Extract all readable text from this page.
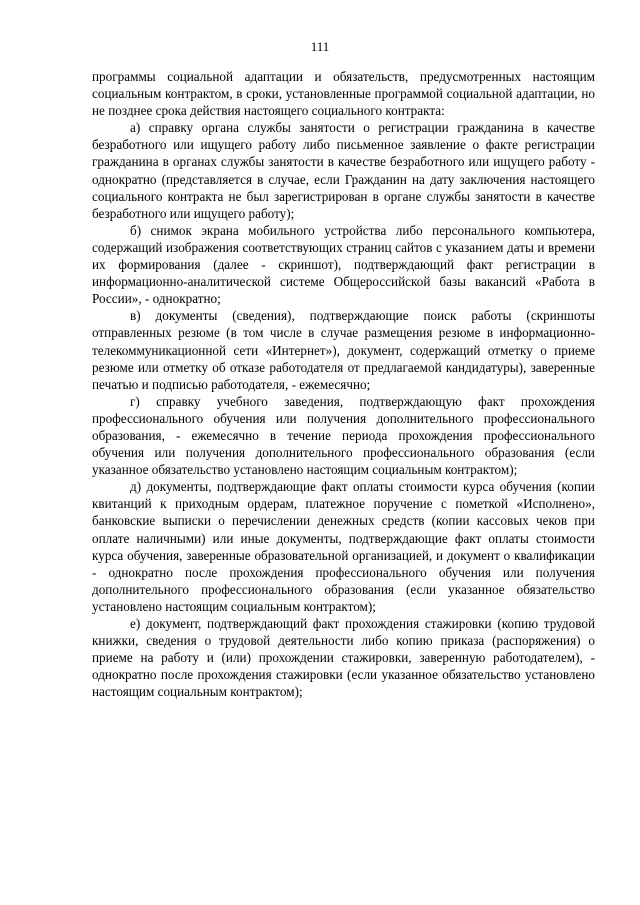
111

программы социальной адаптации и обязательств, предусмотренных настоящим социальным контрактом, в сроки, установленные программой социальной адаптации, но не позднее срока действия настоящего социального контракта:

а) справку органа службы занятости о регистрации гражданина в качестве безработного или ищущего работу либо письменное заявление о факте регистрации гражданина в органах службы занятости в качестве безработного или ищущего работу - однократно (представляется в случае, если Гражданин на дату заключения настоящего социального контракта не был зарегистрирован в органе службы занятости в качестве безработного или ищущего работу);

б) снимок экрана мобильного устройства либо персонального компьютера, содержащий изображения соответствующих страниц сайтов с указанием даты и времени их формирования (далее - скриншот), подтверждающий факт регистрации в информационно-аналитической системе Общероссийской базы вакансий «Работа в России», - однократно;

в) документы (сведения), подтверждающие поиск работы (скриншоты отправленных резюме (в том числе в случае размещения резюме в информационно-телекоммуникационной сети «Интернет»), документ, содержащий отметку о приеме резюме или отметку об отказе работодателя от предлагаемой кандидатуры), заверенные печатью и подписью работодателя, - ежемесячно;

г) справку учебного заведения, подтверждающую факт прохождения профессионального обучения или получения дополнительного профессионального образования, - ежемесячно в течение периода прохождения профессионального обучения или получения дополнительного профессионального образования (если указанное обязательство установлено настоящим социальным контрактом);

д) документы, подтверждающие факт оплаты стоимости курса обучения (копии квитанций к приходным ордерам, платежное поручение с пометкой «Исполнено», банковские выписки о перечислении денежных средств (копии кассовых чеков при оплате наличными) или иные документы, подтверждающие факт оплаты стоимости курса обучения, заверенные образовательной организацией, и документ о квалификации - однократно после прохождения профессионального обучения или получения дополнительного профессионального образования (если указанное обязательство установлено настоящим социальным контрактом);

е) документ, подтверждающий факт прохождения стажировки (копию трудовой книжки, сведения о трудовой деятельности либо копию приказа (распоряжения) о приеме на работу и (или) прохождении стажировки, заверенную работодателем), - однократно после прохождения стажировки (если указанное обязательство установлено настоящим социальным контрактом);
